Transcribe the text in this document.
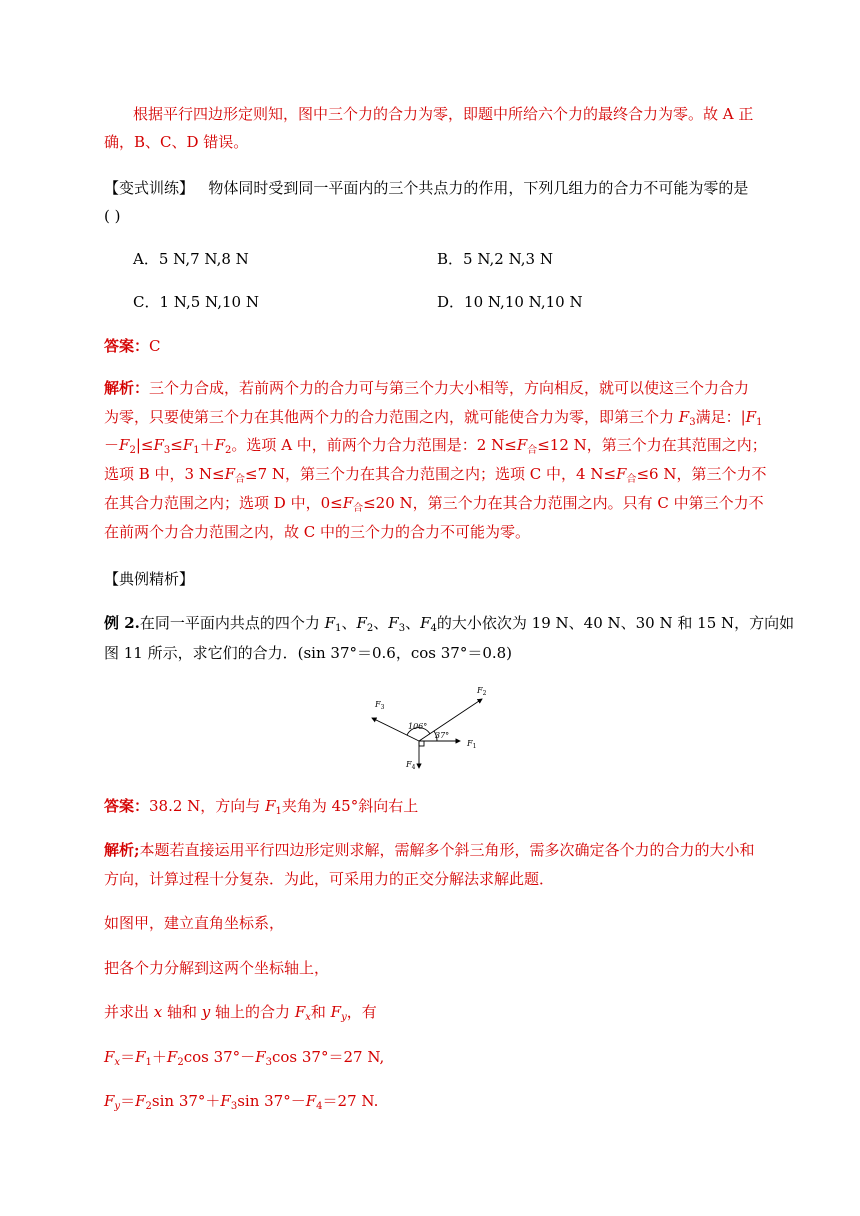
根据平行四边形定则知，图中三个力的合力为零，即题中所给六个力的最终合力为零。故 A 正
确，B、C、D 错误。
【变式训练】 物体同时受到同一平面内的三个共点力的作用，下列几组力的合力不可能为零的是
( )
A．5 N,7 N,8 N	B．5 N,2 N,3 N
C．1 N,5 N,10 N	D．10 N,10 N,10 N
答案：C
解析：三个力合成，若前两个力的合力可与第三个力大小相等，方向相反，就可以使这三个力合力
为零，只要使第三个力在其他两个力的合力范围之内，就可能使合力为零，即第三个力 $F_3$满足：$|F_1$
$-F_2|\le F_3\le F_1+F_2$。选项 A 中，前两个力合力范围是：2 $N\le F_合\le 12$ N，第三个力在其范围之内；
选项 B 中，3 $N\le F_合\le 7$ N，第三个力在其合力范围之内；选项 C 中，4 $N\le F_合\le 6$ N，第三个力不
在其合力范围之内；选项 D 中，$0\le F_合\le 20$ N，第三个力在其合力范围之内。只有 C 中第三个力不
在前两个力合力范围之内，故 C 中的三个力的合力不可能为零。
【典例精析】
例 2.在同一平面内共点的四个力 $F_1$、$F_2$、$F_3$、$F_4$的大小依次为 19 N、40 N、30 N 和 15 N，方向如
图 11 所示，求它们的合力．(sin 37°＝0.6，cos 37°＝0.8)
106°
37°
$F_3$
$F_2$
$F_1$
$F_4$
答案：38.2 N，方向与 $F_1$夹角为 45°斜向右上
解析;本题若直接运用平行四边形定则求解，需解多个斜三角形，需多次确定各个力的合力的大小和
方向，计算过程十分复杂．为此，可采用力的正交分解法求解此题．
如图甲，建立直角坐标系，
把各个力分解到这两个坐标轴上，
并求出 x 轴和 y 轴上的合力 $F_x$和 $F_y$，有
$F_x=F_1+F_2\cos$ $37^\circ-F_3\cos$ 37°＝27 N,
$F_y=F_2\sin$ $37^\circ+F_3\sin$ $37^\circ-F_4=27$ N.
